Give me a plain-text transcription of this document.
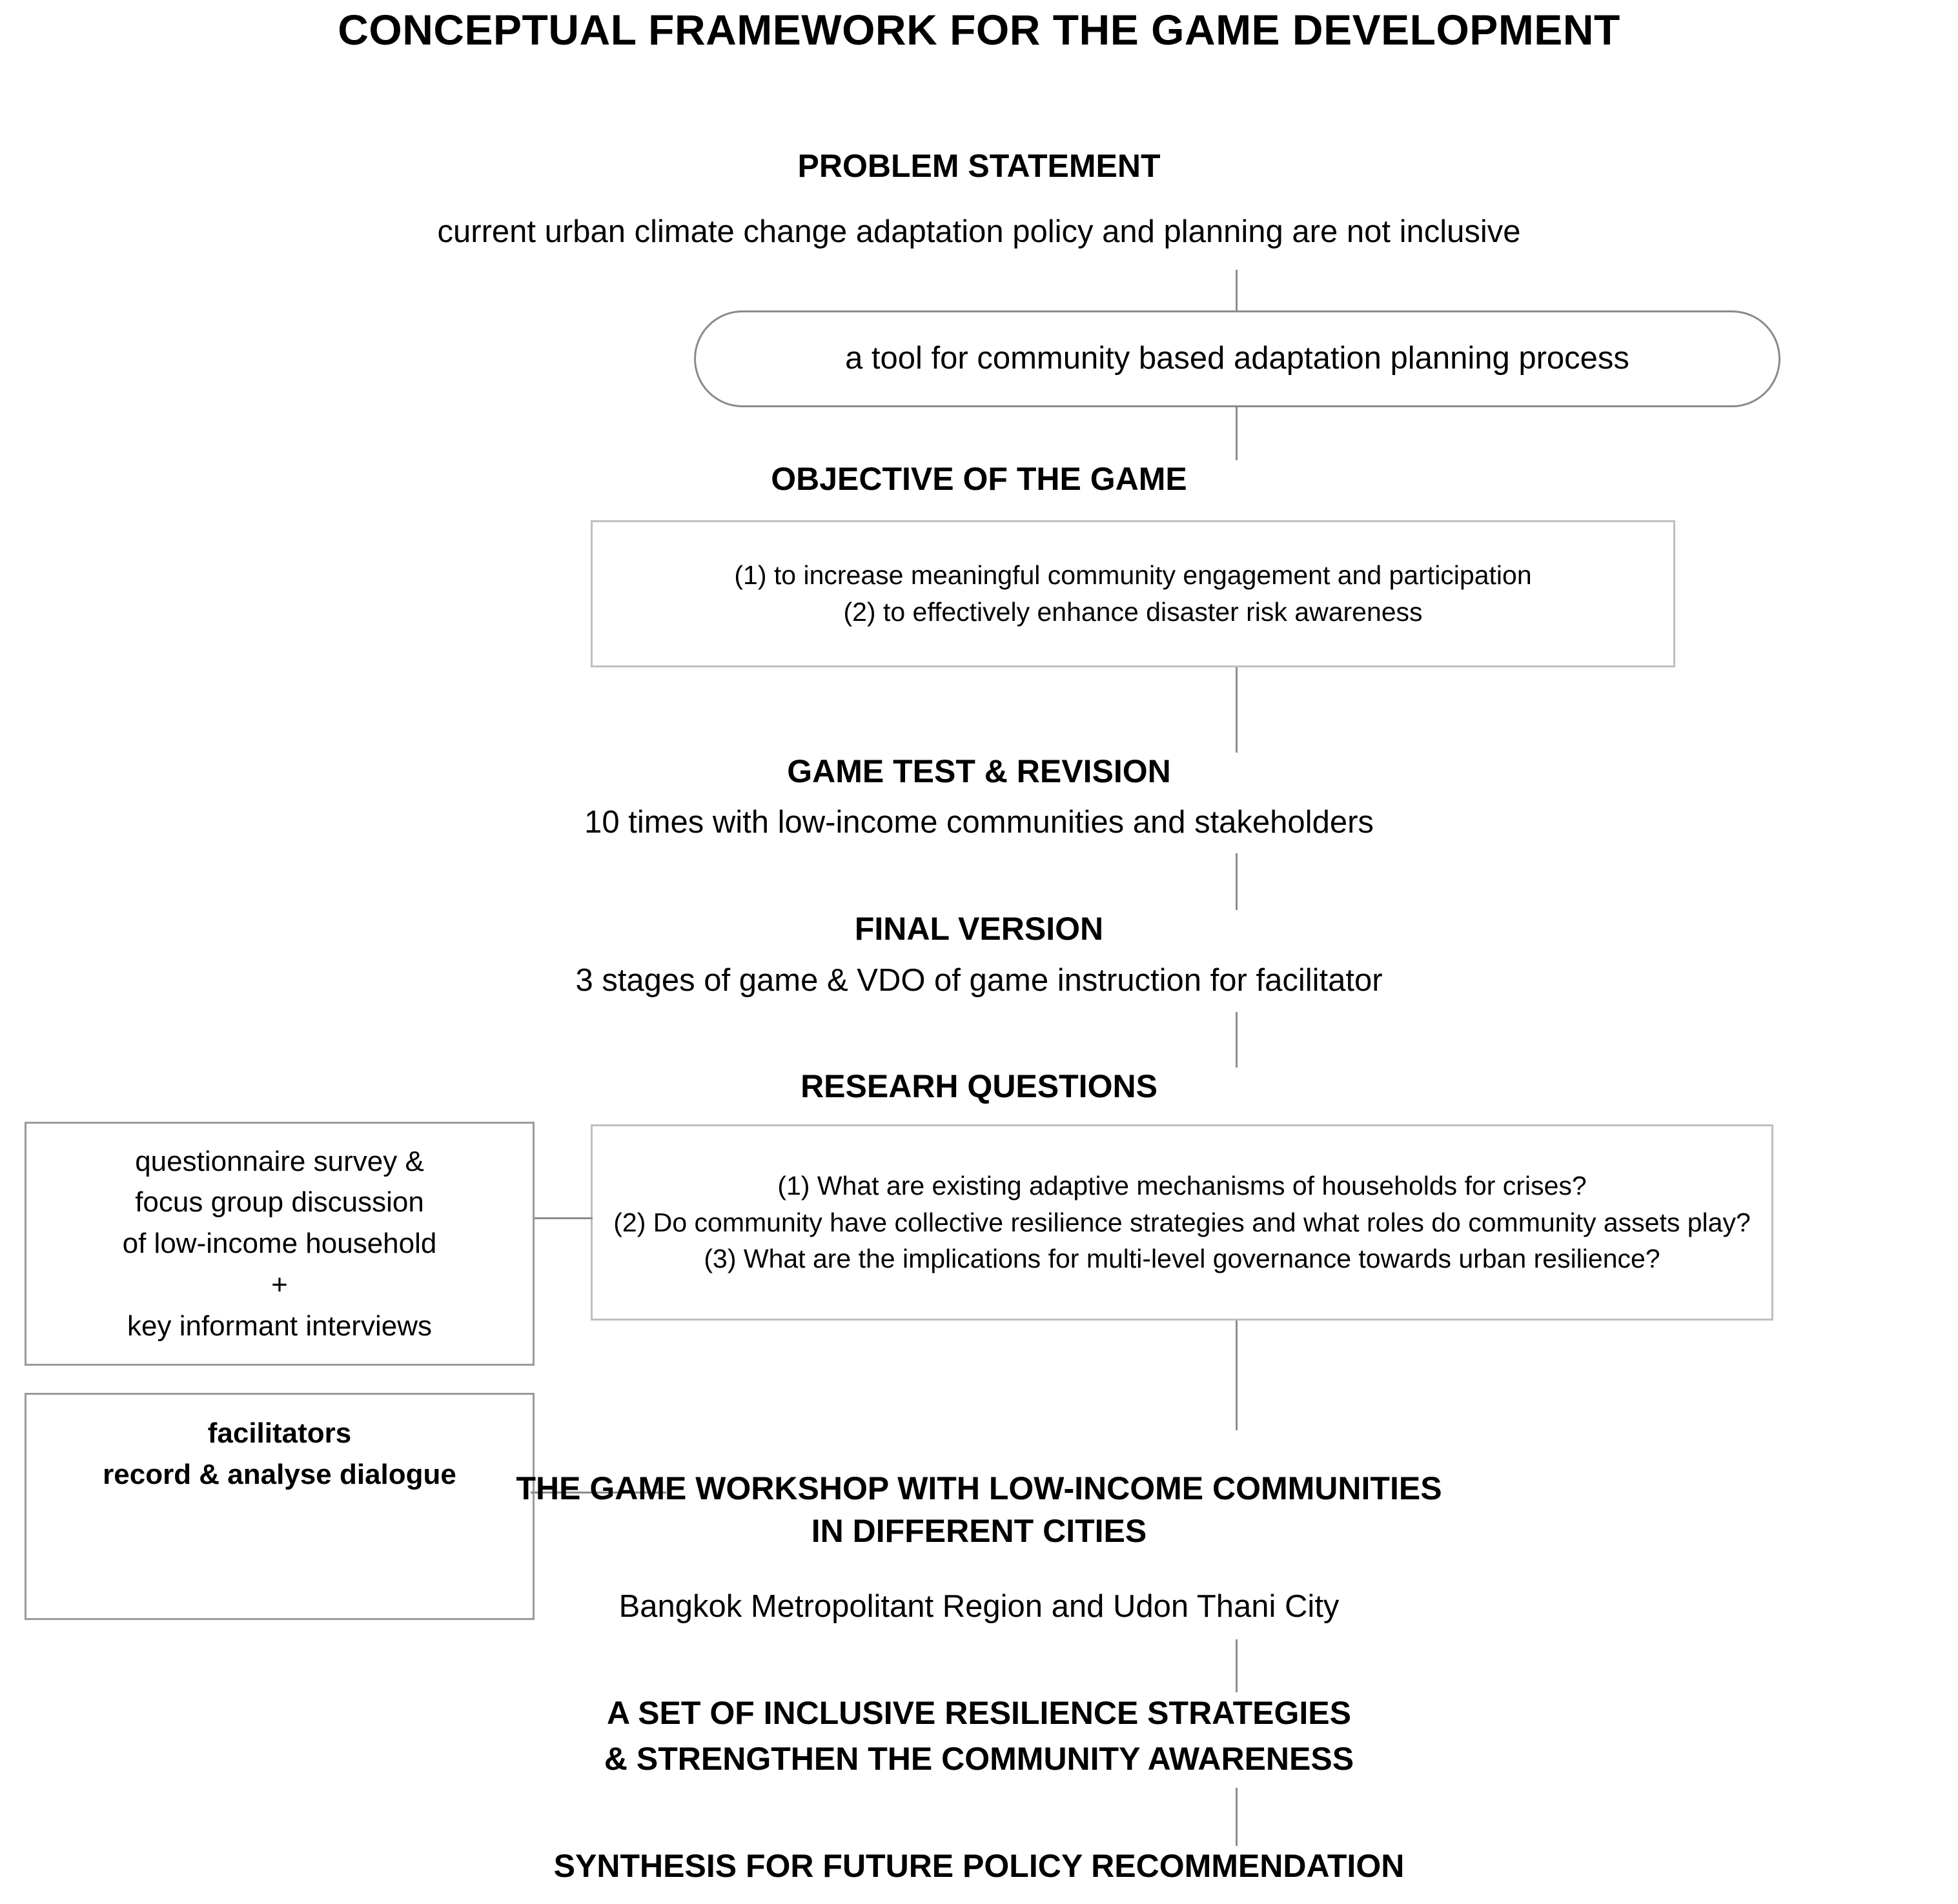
CONCEPTUAL FRAMEWORK FOR THE GAME DEVELOPMENT
PROBLEM STATEMENT
current urban climate change adaptation policy and planning are not inclusive
a tool for community based adaptation planning process
OBJECTIVE OF THE GAME
(1) to increase meaningful community engagement and participation
(2) to effectively enhance disaster risk awareness
GAME TEST & REVISION
10 times with low-income communities and stakeholders
FINAL VERSION
3 stages of game & VDO of game instruction for facilitator
RESEARH QUESTIONS
(1) What are existing adaptive mechanisms of households for crises?
(2) Do community have collective resilience strategies and what roles do community assets play?
(3) What are the implications for multi-level governance towards urban resilience?
questionnaire survey &
focus group discussion
of low-income household
+
key informant interviews
facilitators
record & analyse dialogue	THE GAME WORKSHOP WITH LOW-INCOME COMMUNITIES
IN DIFFERENT CITIES
Bangkok Metropolitant Region and Udon Thani City
A SET OF INCLUSIVE RESILIENCE STRATEGIES
& STRENGTHEN THE COMMUNITY AWARENESS
SYNTHESIS FOR FUTURE POLICY RECOMMENDATION
